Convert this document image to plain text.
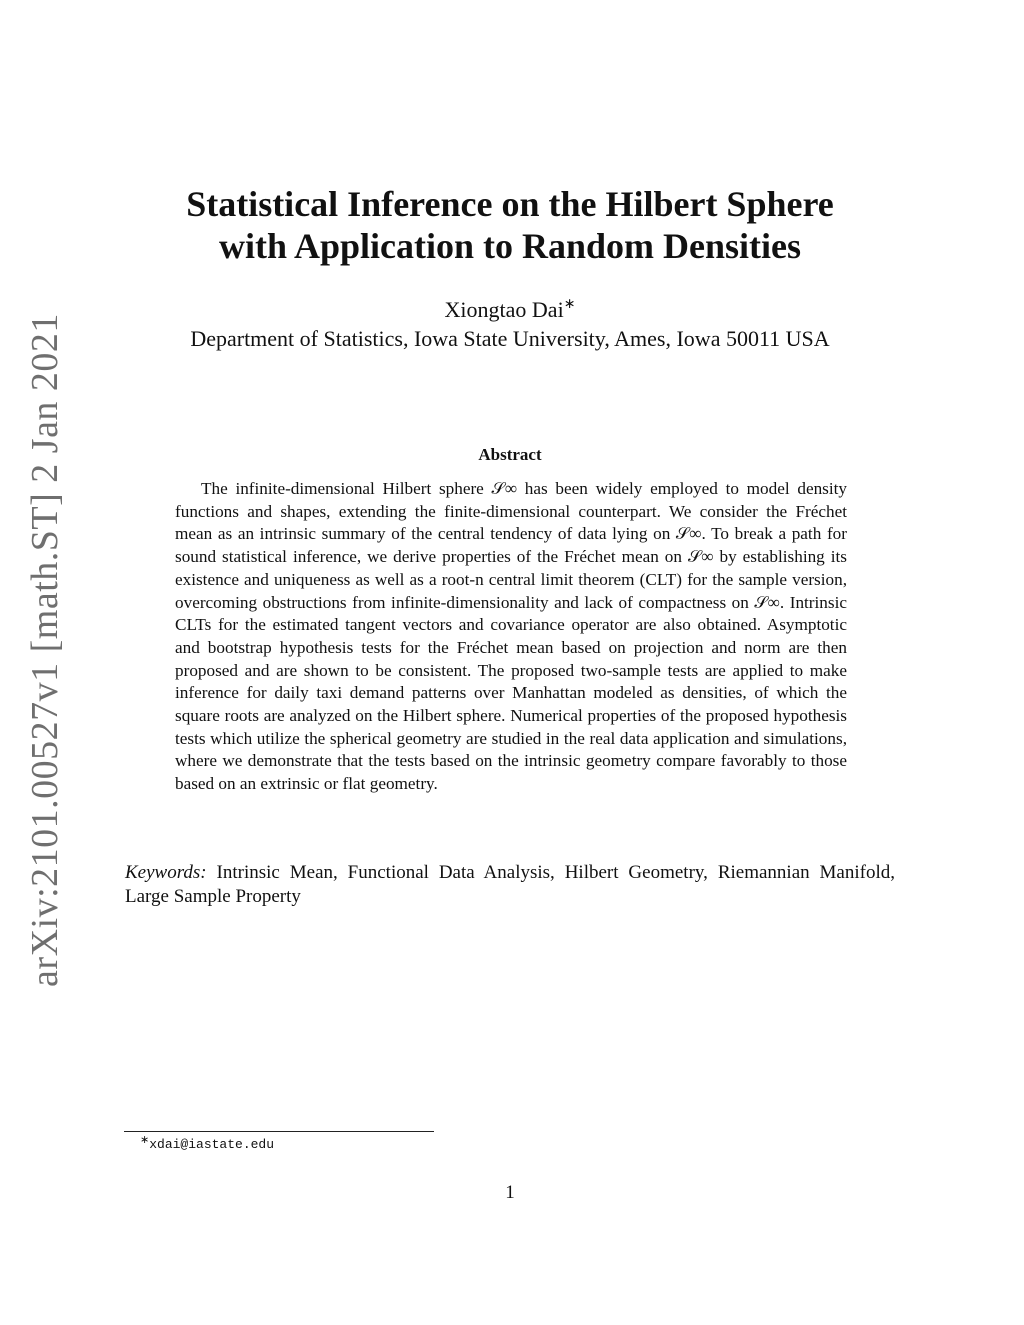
arXiv:2101.00527v1 [math.ST] 2 Jan 2021
Statistical Inference on the Hilbert Sphere
with Application to Random Densities
Xiongtao Dai∗
Department of Statistics, Iowa State University, Ames, Iowa 50011 USA
Abstract

The infinite-dimensional Hilbert sphere 𝒮∞ has been widely employed to model density functions and shapes, extending the finite-dimensional counterpart. We consider the Fréchet mean as an intrinsic summary of the central tendency of data lying on 𝒮∞. To break a path for sound statistical inference, we derive properties of the Fréchet mean on 𝒮∞ by establishing its existence and uniqueness as well as a root-n central limit theorem (CLT) for the sample version, overcoming obstructions from infinite-dimensionality and lack of compactness on 𝒮∞. Intrinsic CLTs for the estimated tangent vectors and covariance operator are also obtained. Asymptotic and bootstrap hypothesis tests for the Fréchet mean based on projection and norm are then proposed and are shown to be consistent. The proposed two-sample tests are applied to make inference for daily taxi demand patterns over Manhattan modeled as densities, of which the square roots are analyzed on the Hilbert sphere. Numerical properties of the proposed hypothesis tests which utilize the spherical geometry are studied in the real data application and simulations, where we demonstrate that the tests based on the intrinsic geometry compare favorably to those based on an extrinsic or flat geometry.

Keywords: Intrinsic Mean, Functional Data Analysis, Hilbert Geometry, Riemannian Manifold, Large Sample Property

∗xdai@iastate.edu
1
